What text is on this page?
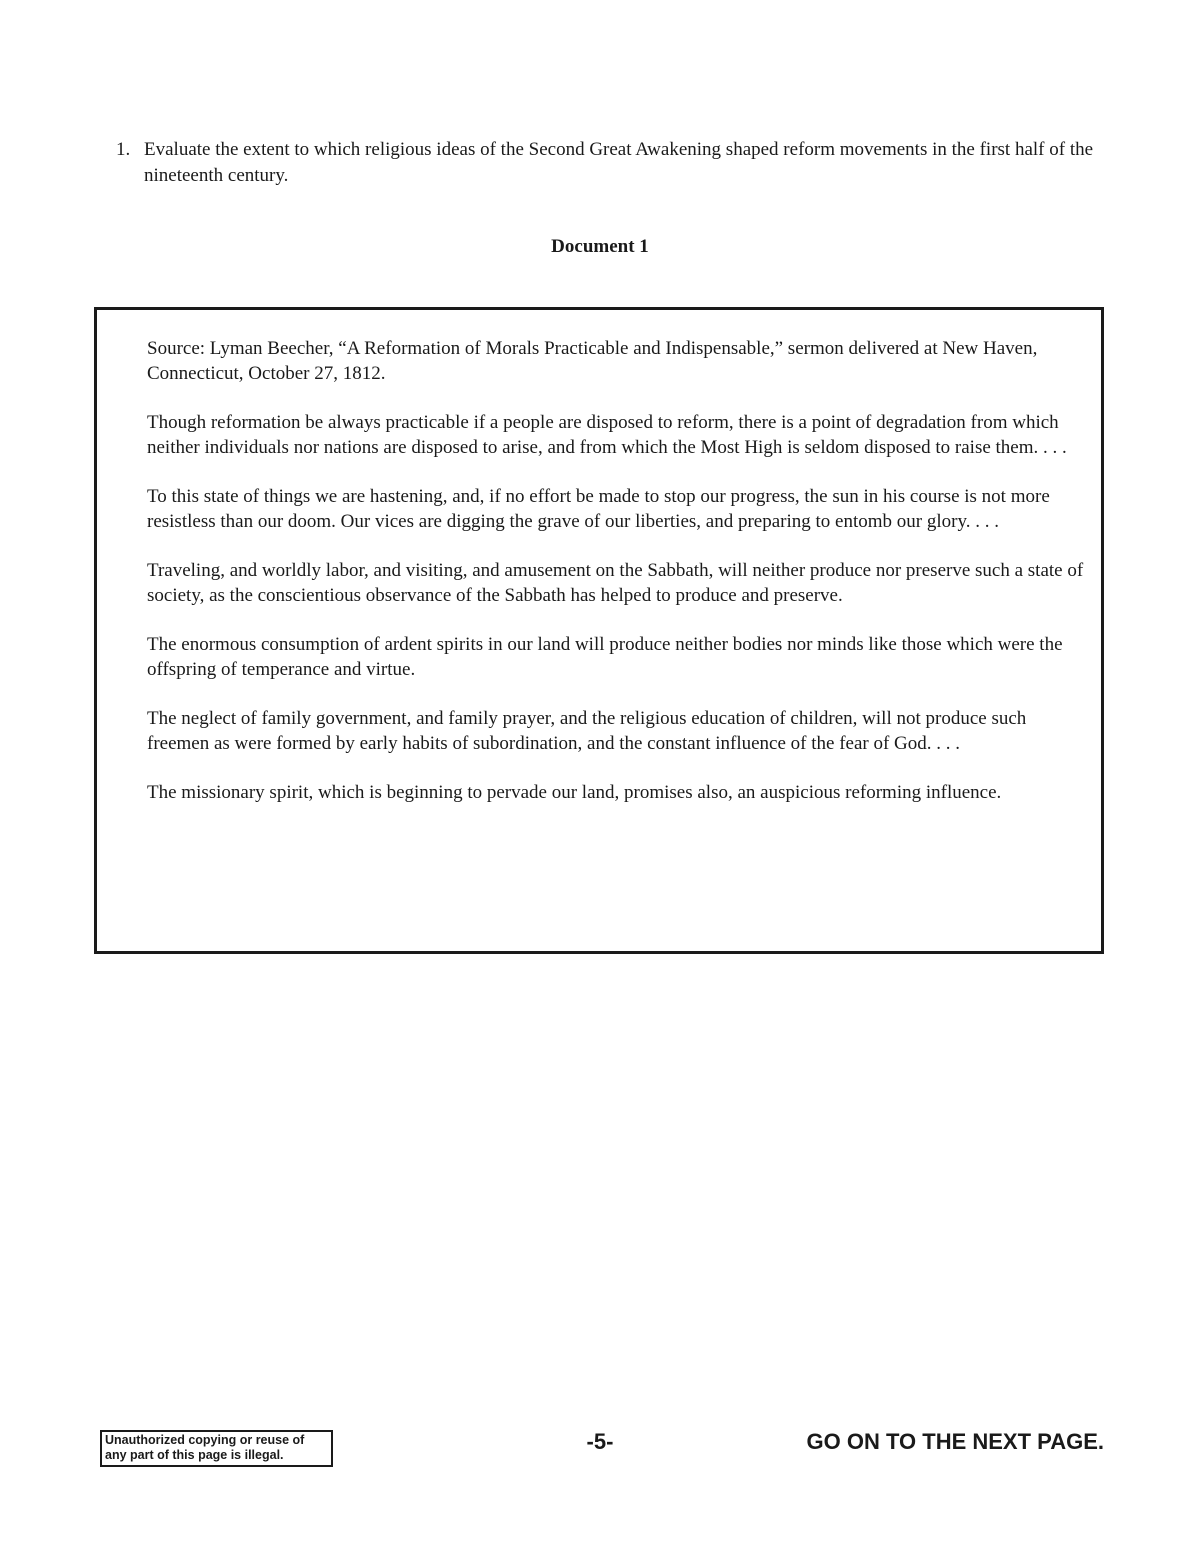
1. Evaluate the extent to which religious ideas of the Second Great Awakening shaped reform movements in the first half of the nineteenth century.
Document 1

Source: Lyman Beecher, “A Reformation of Morals Practicable and Indispensable,” sermon delivered at New Haven, Connecticut, October 27, 1812.

Though reformation be always practicable if a people are disposed to reform, there is a point of degradation from which neither individuals nor nations are disposed to arise, and from which the Most High is seldom disposed to raise them. . . .

To this state of things we are hastening, and, if no effort be made to stop our progress, the sun in his course is not more resistless than our doom. Our vices are digging the grave of our liberties, and preparing to entomb our glory. . . .

Traveling, and worldly labor, and visiting, and amusement on the Sabbath, will neither produce nor preserve such a state of society, as the conscientious observance of the Sabbath has helped to produce and preserve.

The enormous consumption of ardent spirits in our land will produce neither bodies nor minds like those which were the offspring of temperance and virtue.

The neglect of family government, and family prayer, and the religious education of children, will not produce such freemen as were formed by early habits of subordination, and the constant influence of the fear of God. . . .

The missionary spirit, which is beginning to pervade our land, promises also, an auspicious reforming influence.

Unauthorized copying or reuse of
any part of this page is illegal.
-5-	GO ON TO THE NEXT PAGE.
